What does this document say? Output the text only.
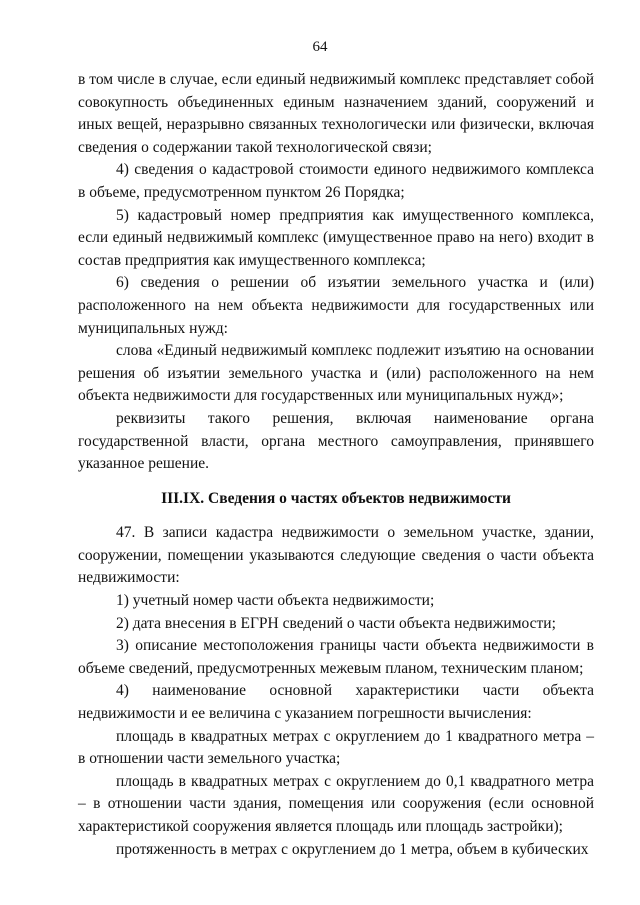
64

в том числе в случае, если единый недвижимый комплекс представляет собой совокупность объединенных единым назначением зданий, сооружений и иных вещей, неразрывно связанных технологически или физически, включая сведения о содержании такой технологической связи;

4) сведения о кадастровой стоимости единого недвижимого комплекса в объеме, предусмотренном пунктом 26 Порядка;

5) кадастровый номер предприятия как имущественного комплекса, если единый недвижимый комплекс (имущественное право на него) входит в состав предприятия как имущественного комплекса;

6) сведения о решении об изъятии земельного участка и (или) расположенного на нем объекта недвижимости для государственных или муниципальных нужд:

слова «Единый недвижимый комплекс подлежит изъятию на основании решения об изъятии земельного участка и (или) расположенного на нем объекта недвижимости для государственных или муниципальных нужд»;

реквизиты такого решения, включая наименование органа государственной власти, органа местного самоуправления, принявшего указанное решение.

III.IX. Сведения о частях объектов недвижимости

47. В записи кадастра недвижимости о земельном участке, здании, сооружении, помещении указываются следующие сведения о части объекта недвижимости:

1) учетный номер части объекта недвижимости;

2) дата внесения в ЕГРН сведений о части объекта недвижимости;

3) описание местоположения границы части объекта недвижимости в объеме сведений, предусмотренных межевым планом, техническим планом;

4) наименование основной характеристики части объекта недвижимости и ее величина с указанием погрешности вычисления:

площадь в квадратных метрах с округлением до 1 квадратного метра – в отношении части земельного участка;

площадь в квадратных метрах с округлением до 0,1 квадратного метра – в отношении части здания, помещения или сооружения (если основной характеристикой сооружения является площадь или площадь застройки);

протяженность в метрах с округлением до 1 метра, объем в кубических
